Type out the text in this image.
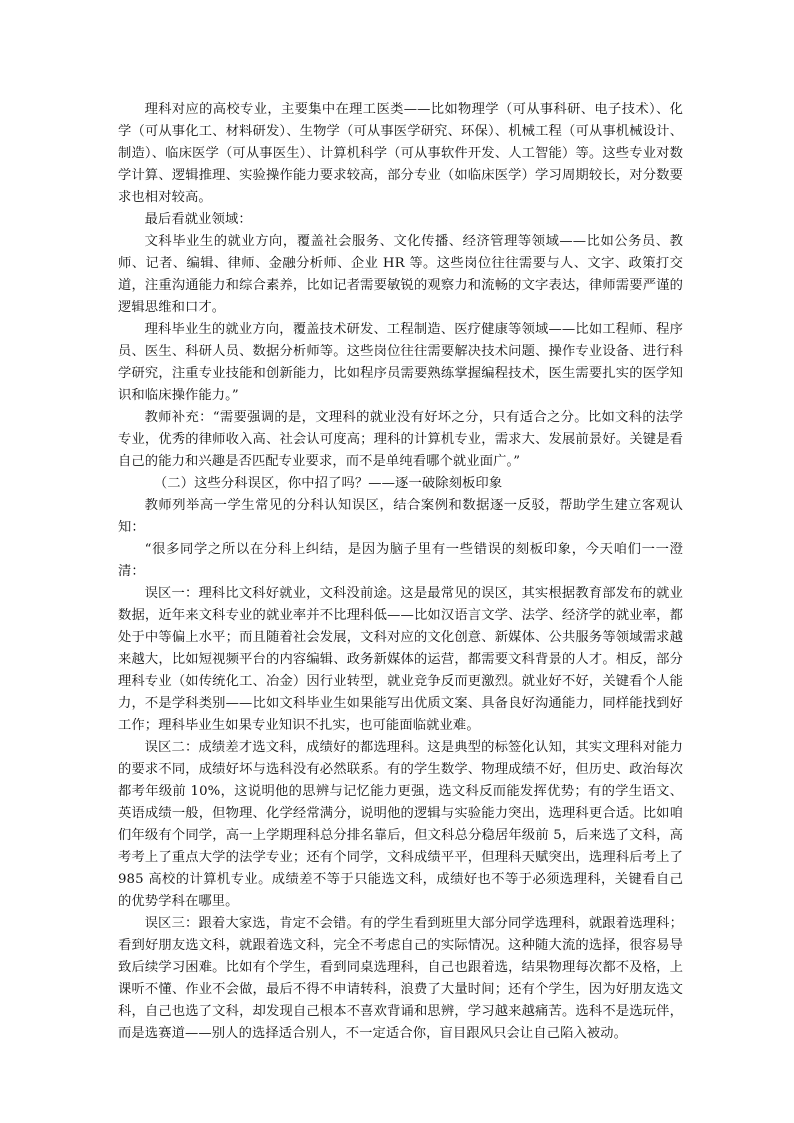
理科对应的高校专业，主要集中在理工医类——比如物理学（可从事科研、电子技术）、化学（可从事化工、材料研发）、生物学（可从事医学研究、环保）、机械工程（可从事机械设计、制造）、临床医学（可从事医生）、计算机科学（可从事软件开发、人工智能）等。这些专业对数学计算、逻辑推理、实验操作能力要求较高，部分专业（如临床医学）学习周期较长，对分数要求也相对较高。

最后看就业领域：

文科毕业生的就业方向，覆盖社会服务、文化传播、经济管理等领域——比如公务员、教师、记者、编辑、律师、金融分析师、企业 HR 等。这些岗位往往需要与人、文字、政策打交道，注重沟通能力和综合素养，比如记者需要敏锐的观察力和流畅的文字表达，律师需要严谨的逻辑思维和口才。

理科毕业生的就业方向，覆盖技术研发、工程制造、医疗健康等领域——比如工程师、程序员、医生、科研人员、数据分析师等。这些岗位往往需要解决技术问题、操作专业设备、进行科学研究，注重专业技能和创新能力，比如程序员需要熟练掌握编程技术，医生需要扎实的医学知识和临床操作能力。”

教师补充：“需要强调的是，文理科的就业没有好坏之分，只有适合之分。比如文科的法学专业，优秀的律师收入高、社会认可度高；理科的计算机专业，需求大、发展前景好。关键是看自己的能力和兴趣是否匹配专业要求，而不是单纯看哪个就业面广。”

（二）这些分科误区，你中招了吗？——逐一破除刻板印象

教师列举高一学生常见的分科认知误区，结合案例和数据逐一反驳，帮助学生建立客观认知：

“很多同学之所以在分科上纠结，是因为脑子里有一些错误的刻板印象，今天咱们一一澄清：

误区一：理科比文科好就业，文科没前途。这是最常见的误区，其实根据教育部发布的就业数据，近年来文科专业的就业率并不比理科低——比如汉语言文学、法学、经济学的就业率，都处于中等偏上水平；而且随着社会发展，文科对应的文化创意、新媒体、公共服务等领域需求越来越大，比如短视频平台的内容编辑、政务新媒体的运营，都需要文科背景的人才。相反，部分理科专业（如传统化工、冶金）因行业转型，就业竞争反而更激烈。就业好不好，关键看个人能力，不是学科类别——比如文科毕业生如果能写出优质文案、具备良好沟通能力，同样能找到好工作；理科毕业生如果专业知识不扎实，也可能面临就业难。

误区二：成绩差才选文科，成绩好的都选理科。这是典型的标签化认知，其实文理科对能力的要求不同，成绩好坏与选科没有必然联系。有的学生数学、物理成绩不好，但历史、政治每次都考年级前 10%，这说明他的思辨与记忆能力更强，选文科反而能发挥优势；有的学生语文、英语成绩一般，但物理、化学经常满分，说明他的逻辑与实验能力突出，选理科更合适。比如咱们年级有个同学，高一上学期理科总分排名靠后，但文科总分稳居年级前 5，后来选了文科，高考考上了重点大学的法学专业；还有个同学，文科成绩平平，但理科天赋突出，选理科后考上了 985 高校的计算机专业。成绩差不等于只能选文科，成绩好也不等于必须选理科，关键看自己的优势学科在哪里。

误区三：跟着大家选，肯定不会错。有的学生看到班里大部分同学选理科，就跟着选理科；看到好朋友选文科，就跟着选文科，完全不考虑自己的实际情况。这种随大流的选择，很容易导致后续学习困难。比如有个学生，看到同桌选理科，自己也跟着选，结果物理每次都不及格，上课听不懂、作业不会做，最后不得不申请转科，浪费了大量时间；还有个学生，因为好朋友选文科，自己也选了文科，却发现自己根本不喜欢背诵和思辨，学习越来越痛苦。选科不是选玩伴，而是选赛道——别人的选择适合别人，不一定适合你，盲目跟风只会让自己陷入被动。
